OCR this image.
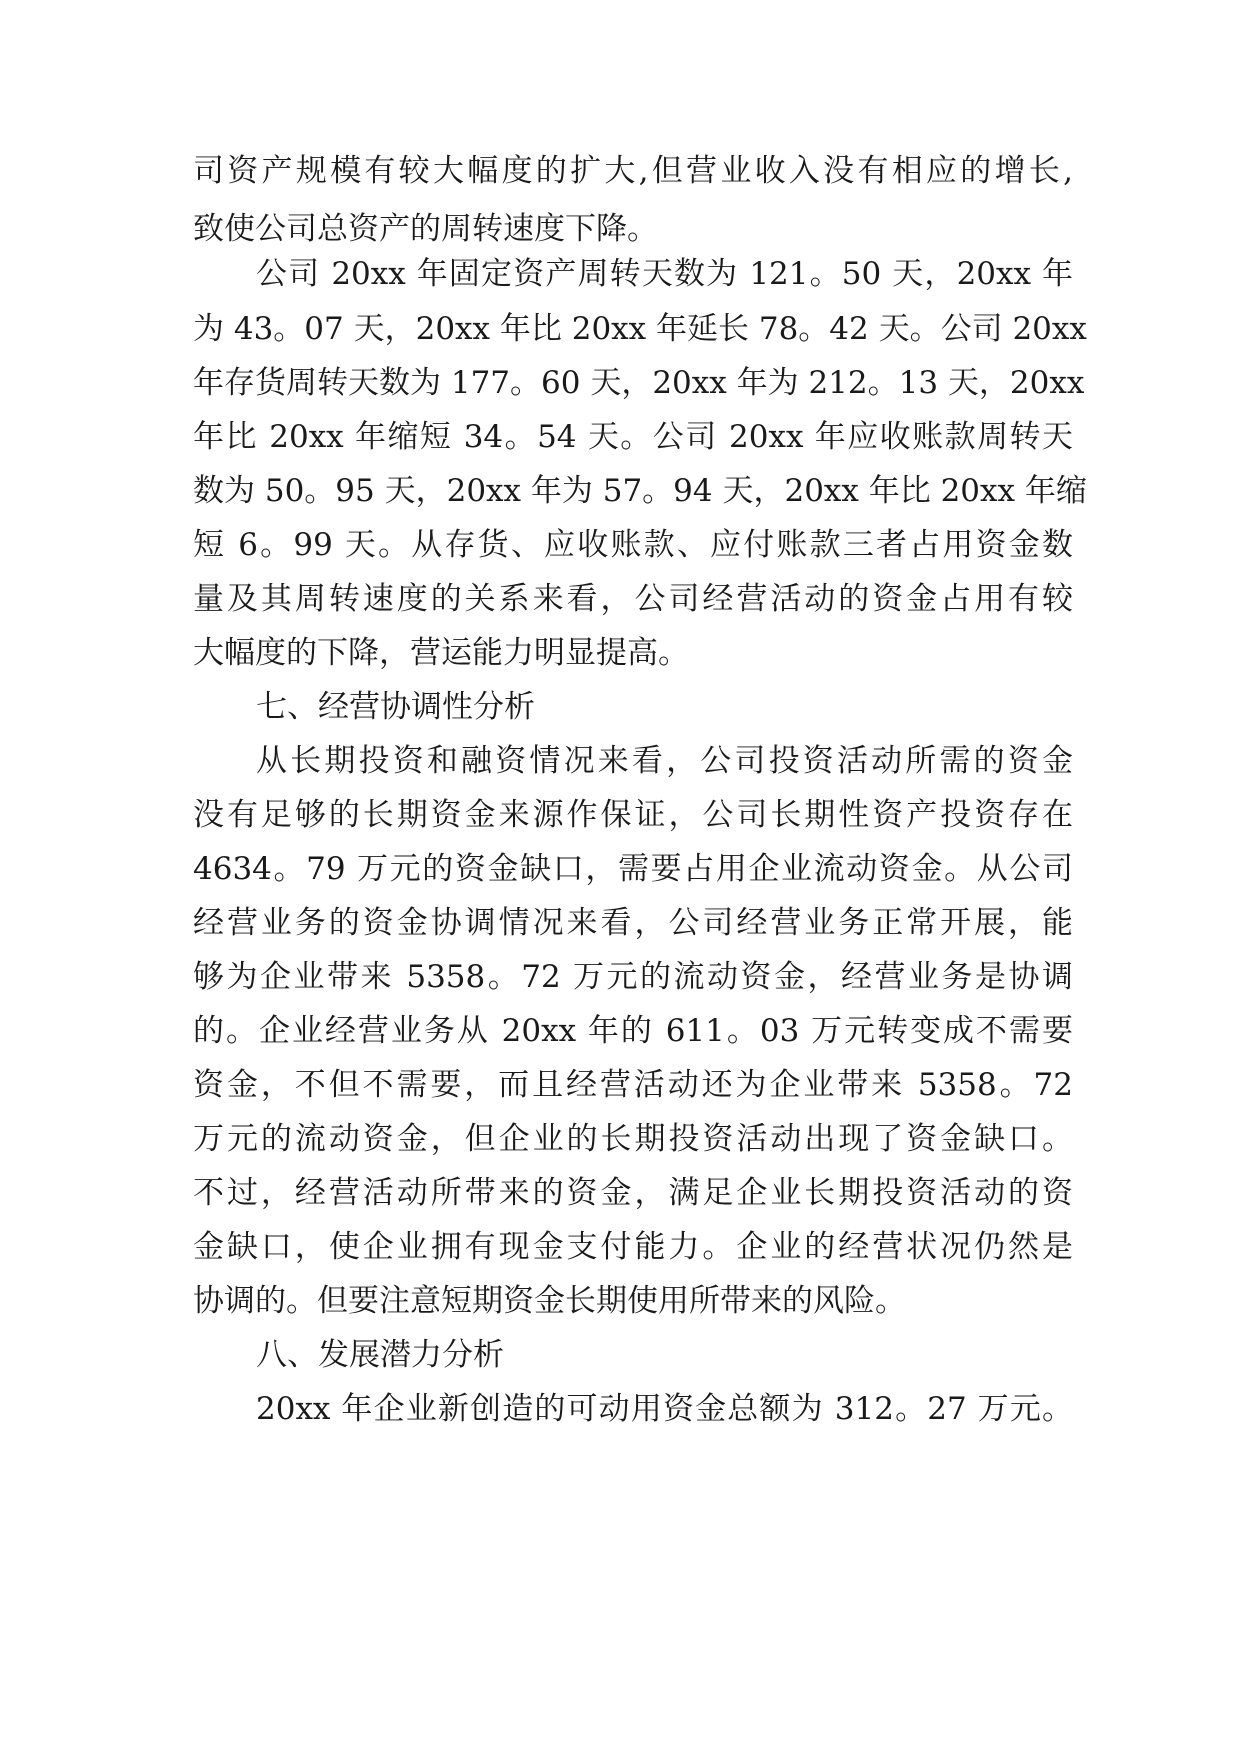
司资产规模有较大幅度的扩大,但营业收入没有相应的增长,
致使公司总资产的周转速度下降。
公司 20xx 年固定资产周转天数为 121。50 天，20xx 年
为 43。07 天，20xx 年比 20xx 年延长 78。42 天。公司 20xx
年存货周转天数为 177。60 天，20xx 年为 212。13 天，20xx
年比 20xx 年缩短 34。54 天。公司 20xx 年应收账款周转天
数为 50。95 天，20xx 年为 57。94 天，20xx 年比 20xx 年缩
短 6。99 天。从存货、应收账款、应付账款三者占用资金数
量及其周转速度的关系来看，公司经营活动的资金占用有较
大幅度的下降，营运能力明显提高。
七、经营协调性分析
从长期投资和融资情况来看，公司投资活动所需的资金
没有足够的长期资金来源作保证，公司长期性资产投资存在
4634。79 万元的资金缺口，需要占用企业流动资金。从公司
经营业务的资金协调情况来看，公司经营业务正常开展，能
够为企业带来 5358。72 万元的流动资金，经营业务是协调
的。企业经营业务从 20xx 年的 611。03 万元转变成不需要
资金，不但不需要，而且经营活动还为企业带来 5358。72
万元的流动资金，但企业的长期投资活动出现了资金缺口。
不过，经营活动所带来的资金，满足企业长期投资活动的资
金缺口，使企业拥有现金支付能力。企业的经营状况仍然是
协调的。但要注意短期资金长期使用所带来的风险。
八、发展潜力分析
20xx 年企业新创造的可动用资金总额为 312。27 万元。
